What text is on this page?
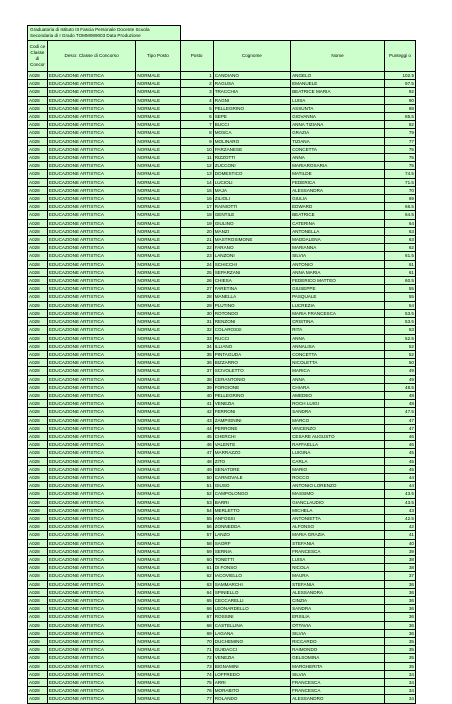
Graduatoria di Istituto III Fascia Personale Docente Scuola
Secondaria di I Grado TOMM089003 Data Produzione						
Codi ce Classe di Concor	Descr. Classe di Concorso	Tipo Posto	Posto	Cognome	Nome	Punteggi o
A028	EDUCAZIONE ARTISTICA	NORMALE	1	CANDIANO	ANGELO	102.5
A028	EDUCAZIONE ARTISTICA	NORMALE	2	RAGUSA	EMANUELE	97.5
A028	EDUCAZIONE ARTISTICA	NORMALE	3	TRACCHIA	BEATRICE MARIA	92
A028	EDUCAZIONE ARTISTICA	NORMALE	4	RAGNI	LUISA	90
A028	EDUCAZIONE ARTISTICA	NORMALE	5	PELLEGRINO	ASSUNTA	88
A028	EDUCAZIONE ARTISTICA	NORMALE	6	SEPE	GIOVANNA	85.5
A028	EDUCAZIONE ARTISTICA	NORMALE	7	BUCCI	ANNA TIZIANA	82
A028	EDUCAZIONE ARTISTICA	NORMALE	8	MOSCA	GRAZIA	79
A028	EDUCAZIONE ARTISTICA	NORMALE	9	MOLINARO	TIZIANA	77
A028	EDUCAZIONE ARTISTICA	NORMALE	10	PARZANESE	CONCETTA	75
A028	EDUCAZIONE ARTISTICA	NORMALE	11	RIZZOTTI	ANNA	75
A028	EDUCAZIONE ARTISTICA	NORMALE	12	ZUCCONI	MARIAROSARIA	75
A028	EDUCAZIONE ARTISTICA	NORMALE	13	DOMESTICO	MATILDE	74.5
A028	EDUCAZIONE ARTISTICA	NORMALE	14	LUCIOLI	FEDERICA	71.5
A028	EDUCAZIONE ARTISTICA	NORMALE	15	MAJA	ALESSANDRA	70
A028	EDUCAZIONE ARTISTICA	NORMALE	16	ZILIOLI	GIULIA	69
A028	EDUCAZIONE ARTISTICA	NORMALE	17	RAINIOTTI	EDWARD	66.5
A028	EDUCAZIONE ARTISTICA	NORMALE	18	GENTILE	BEATRICE	64.5
A028	EDUCAZIONE ARTISTICA	NORMALE	19	GIULINO	CATERINA	64
A028	EDUCAZIONE ARTISTICA	NORMALE	20	MANZI	ANTONELLA	63
A028	EDUCAZIONE ARTISTICA	NORMALE	21	MASTROSIMONE	MADDALENA	63
A028	EDUCAZIONE ARTISTICA	NORMALE	22	FARANO	MARIANNA	62
A028	EDUCAZIONE ARTISTICA	NORMALE	23	LANZONI	SILVIA	61.5
A028	EDUCAZIONE ARTISTICA	NORMALE	24	SCHICCHI	ANTONIO	61
A028	EDUCAZIONE ARTISTICA	NORMALE	25	SEPARZANI	ANNA MARIA	61
A028	EDUCAZIONE ARTISTICA	NORMALE	26	CHIESA	FEDERICO MATTEO	60.5
A028	EDUCAZIONE ARTISTICA	NORMALE	27	FARETINA	GIUSEPPE	55
A028	EDUCAZIONE ARTISTICA	NORMALE	28	MANELLA	PASQUALE	55
A028	EDUCAZIONE ARTISTICA	NORMALE	29	PLUTINO	LUCREZIA	54
A028	EDUCAZIONE ARTISTICA	NORMALE	30	ROTONDO	MARIA FRANCESCA	53.5
A028	EDUCAZIONE ARTISTICA	NORMALE	31	RENZONI	CRISTINA	53.5
A028	EDUCAZIONE ARTISTICA	NORMALE	32	COLAROSSI	RITA	53
A028	EDUCAZIONE ARTISTICA	NORMALE	33	RUCCI	ANNA	52.5
A028	EDUCAZIONE ARTISTICA	NORMALE	34	ILLIANO	ANNALISA	52
A028	EDUCAZIONE ARTISTICA	NORMALE	35	PINTAGUDA	CONCETTA	52
A028	EDUCAZIONE ARTISTICA	NORMALE	36	BIZZARRO	NICOLETTA	50
A028	EDUCAZIONE ARTISTICA	NORMALE	37	SCIVOLETTO	MARICA	49
A028	EDUCAZIONE ARTISTICA	NORMALE	38	CERANTONIO	ANNA	49
A028	EDUCAZIONE ARTISTICA	NORMALE	39	FORGIONE	CHIARA	48.5
A028	EDUCAZIONE ARTISTICA	NORMALE	40	PELLEGRINO	AMEDEO	48
A028	EDUCAZIONE ARTISTICA	NORMALE	41	VENEZIA	ROCH LUIGI	48
A028	EDUCAZIONE ARTISTICA	NORMALE	42	FERRONI	SANDRA	47.5
A028	EDUCAZIONE ARTISTICA	NORMALE	43	ZAMPIGNINI	MARCO	47
A028	EDUCAZIONE ARTISTICA	NORMALE	44	PERRONE	VINCENZO	47
A028	EDUCAZIONE ARTISTICA	NORMALE	45	CHERCHI	CESARE AUGUSTO	46
A028	EDUCAZIONE ARTISTICA	NORMALE	46	VALENTE	RAFFAELLA	46
A028	EDUCAZIONE ARTISTICA	NORMALE	47	MARRAZZO	LUIGINA	45
A028	EDUCAZIONE ARTISTICA	NORMALE	48	ZITO	CARLA	45
A028	EDUCAZIONE ARTISTICA	NORMALE	49	SENATORE	MARIO	45
A028	EDUCAZIONE ARTISTICA	NORMALE	50	CARNOVALE	ROCCO	44
A028	EDUCAZIONE ARTISTICA	NORMALE	51	GIUSO	ANTONIO LORENZO	44
A028	EDUCAZIONE ARTISTICA	NORMALE	52	CAMPOLONGO	MASSIMO	43.5
A028	EDUCAZIONE ARTISTICA	NORMALE	53	BARRI	GIANCLAUDIO	43.5
A028	EDUCAZIONE ARTISTICA	NORMALE	54	MERLETTO	MICHELA	43
A028	EDUCAZIONE ARTISTICA	NORMALE	55	ANFOSSI	ANTONIETTA	42.5
A028	EDUCAZIONE ARTISTICA	NORMALE	56	ZONNEDDA	ALFONSO	42
A028	EDUCAZIONE ARTISTICA	NORMALE	57	LANZO	MARIA GRAZIA	41
A028	EDUCAZIONE ARTISTICA	NORMALE	58	SAORF	STEFANIA	40
A028	EDUCAZIONE ARTISTICA	NORMALE	59	SERNIA	FRANCESCA	39
A028	EDUCAZIONE ARTISTICA	NORMALE	60	TONETTI	LUISA	38
A028	EDUCAZIONE ARTISTICA	NORMALE	61	DI FONSO	NICOLA	38
A028	EDUCAZIONE ARTISTICA	NORMALE	62	IACOVIELLO	MAURA	37
A028	EDUCAZIONE ARTISTICA	NORMALE	63	SAMMARCHI	STEFANIA	36
A028	EDUCAZIONE ARTISTICA	NORMALE	64	SPINIELLO	ALESSANDRA	36
A028	EDUCAZIONE ARTISTICA	NORMALE	65	CECCARELLI	CINZIA	36
A028	EDUCAZIONE ARTISTICA	NORMALE	66	LEONARDELLO	SANDRA	36
A028	EDUCAZIONE ARTISTICA	NORMALE	67	ROSSINI	ERSILIA	36
A028	EDUCAZIONE ARTISTICA	NORMALE	68	CASTELLINA	OTTAVIA	36
A028	EDUCAZIONE ARTISTICA	NORMALE	69	LAGANA	SILVIA	36
A028	EDUCAZIONE ARTISTICA	NORMALE	70	DUCHEMINO	RICCARDO	35
A028	EDUCAZIONE ARTISTICA	NORMALE	71	GUIDACCI	RAIMONDO	35
A028	EDUCAZIONE ARTISTICA	NORMALE	72	VENEZIA	GELSOMINA	35
A028	EDUCAZIONE ARTISTICA	NORMALE	73	BIGNAMINI	MARGHERITA	35
A028	EDUCAZIONE ARTISTICA	NORMALE	74	LOFFREDO	SILVIA	34
A028	EDUCAZIONE ARTISTICA	NORMALE	75	ARRI	FRANCESCA	34
A028	EDUCAZIONE ARTISTICA	NORMALE	76	MORABITO	FRANCESCA	34
A028	EDUCAZIONE ARTISTICA	NORMALE	77	ROLANDO	ALESSANDRO	34
